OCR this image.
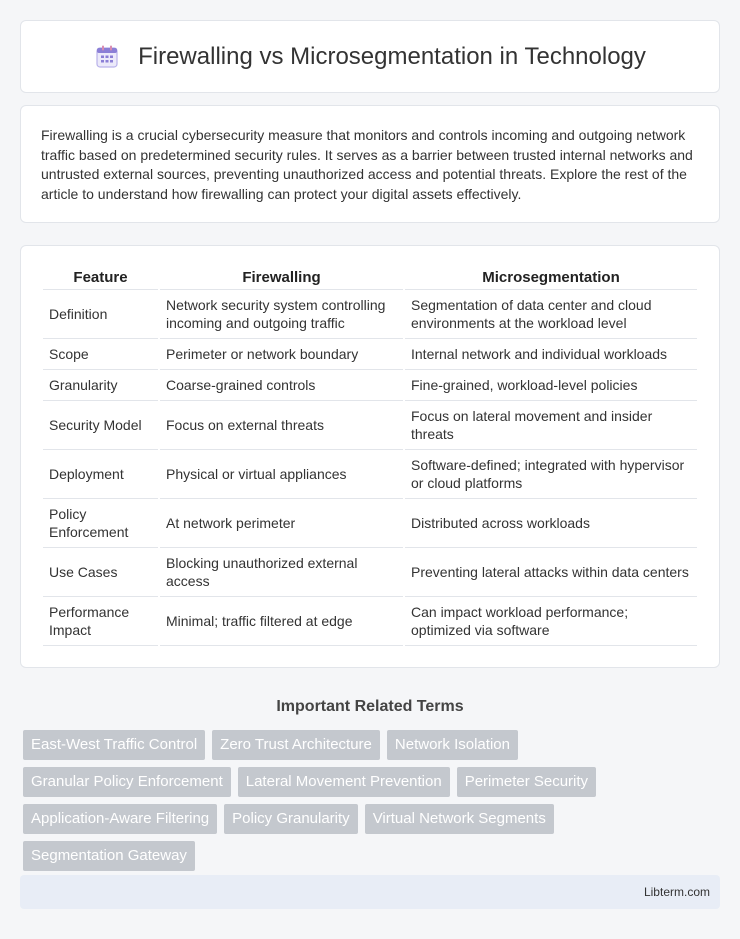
Firewalling vs Microsegmentation in Technology

Firewalling is a crucial cybersecurity measure that monitors and controls incoming and outgoing network traffic based on predetermined security rules. It serves as a barrier between trusted internal networks and untrusted external sources, preventing unauthorized access and potential threats. Explore the rest of the article to understand how firewalling can protect your digital assets effectively.

Feature	Firewalling	Microsegmentation
Definition	Network security system controlling incoming and outgoing traffic	Segmentation of data center and cloud environments at the workload level
Scope	Perimeter or network boundary	Internal network and individual workloads
Granularity	Coarse-grained controls	Fine-grained, workload-level policies
Security Model	Focus on external threats	Focus on lateral movement and insider threats
Deployment	Physical or virtual appliances	Software-defined; integrated with hypervisor or cloud platforms
Policy Enforcement	At network perimeter	Distributed across workloads
Use Cases	Blocking unauthorized external access	Preventing lateral attacks within data centers
Performance Impact	Minimal; traffic filtered at edge	Can impact workload performance; optimized via software
Important Related Terms
East-West Traffic Control	Zero Trust Architecture	Network Isolation
Granular Policy Enforcement	Lateral Movement Prevention	Perimeter Security
Application-Aware Filtering	Policy Granularity	Virtual Network Segments
Segmentation Gateway
Libterm.com
